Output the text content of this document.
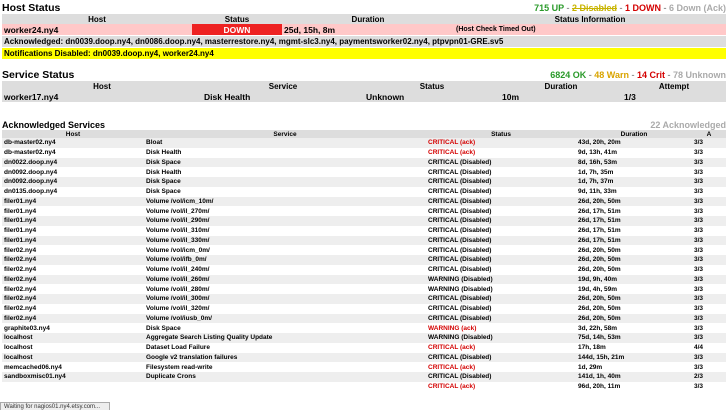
Host Status	715 UP - 2 Disabled - 1 DOWN - 6 Down (Ack)
Host	Status	Duration	Status Information
worker24.ny4	DOWN	25d, 15h, 8m	(Host Check Timed Out)
Acknowledged: dn0039.doop.ny4, dn0086.doop.ny4, masterrestore.ny4, mgmt-slc3.ny4, paymentsworker02.ny4, ptpvpn01-GRE.sv5
Notifications Disabled: dn0039.doop.ny4, worker24.ny4
Service Status	6824 OK - 48 Warn - 14 Crit - 78 Unknown
Host	Service	Status	Duration	Attempt
worker17.ny4	Disk Health	Unknown	10m	1/3
Acknowledged Services	22 Acknowledged
Host	Service	Status	Duration	A
db-master02.ny4	Bloat	CRITICAL (ack)	43d, 20h, 20m	3/3
db-master02.ny4	Disk Health	CRITICAL (ack)	9d, 13h, 41m	3/3
dn0022.doop.ny4	Disk Space	CRITICAL (Disabled)	8d, 16h, 53m	3/3
dn0092.doop.ny4	Disk Health	CRITICAL (Disabled)	1d, 7h, 35m	3/3
dn0092.doop.ny4	Disk Space	CRITICAL (Disabled)	1d, 7h, 37m	3/3
dn0135.doop.ny4	Disk Space	CRITICAL (Disabled)	9d, 11h, 33m	3/3
filer01.ny4	Volume /vol/icm_10m/	CRITICAL (Disabled)	26d, 20h, 50m	3/3
filer01.ny4	Volume /vol/il_270m/	CRITICAL (Disabled)	26d, 17h, 51m	3/3
filer01.ny4	Volume /vol/il_290m/	CRITICAL (Disabled)	26d, 17h, 51m	3/3
filer01.ny4	Volume /vol/il_310m/	CRITICAL (Disabled)	26d, 17h, 51m	3/3
filer01.ny4	Volume /vol/il_330m/	CRITICAL (Disabled)	26d, 17h, 51m	3/3
filer02.ny4	Volume /vol/icm_0m/	CRITICAL (Disabled)	26d, 20h, 50m	3/3
filer02.ny4	Volume /vol/ifb_0m/	CRITICAL (Disabled)	26d, 20h, 50m	3/3
filer02.ny4	Volume /vol/il_240m/	CRITICAL (Disabled)	26d, 20h, 50m	3/3
filer02.ny4	Volume /vol/il_260m/	WARNING (Disabled)	19d, 9h, 40m	3/3
filer02.ny4	Volume /vol/il_280m/	WARNING (Disabled)	19d, 4h, 59m	3/3
filer02.ny4	Volume /vol/il_300m/	CRITICAL (Disabled)	26d, 20h, 50m	3/3
filer02.ny4	Volume /vol/il_320m/	CRITICAL (Disabled)	26d, 20h, 50m	3/3
filer02.ny4	Volume /vol/iusb_0m/	CRITICAL (Disabled)	26d, 20h, 50m	3/3
graphite03.ny4	Disk Space	WARNING (ack)	3d, 22h, 58m	3/3
localhost	Aggregate Search Listing Quality Update	WARNING (Disabled)	75d, 14h, 53m	3/3
localhost	Dataset Load Failure	CRITICAL (ack)	17h, 18m	4/4
localhost	Google v2 translation failures	CRITICAL (Disabled)	144d, 15h, 21m	3/3
memcached06.ny4	Filesystem read-write	CRITICAL (ack)	1d, 29m	3/3
sandboxmisc01.ny4	Duplicate Crons	CRITICAL (Disabled)	141d, 1h, 40m	2/3
		CRITICAL (ack)	96d, 20h, 11m	3/3
Waiting for nagios01.ny4.etsy.com...
